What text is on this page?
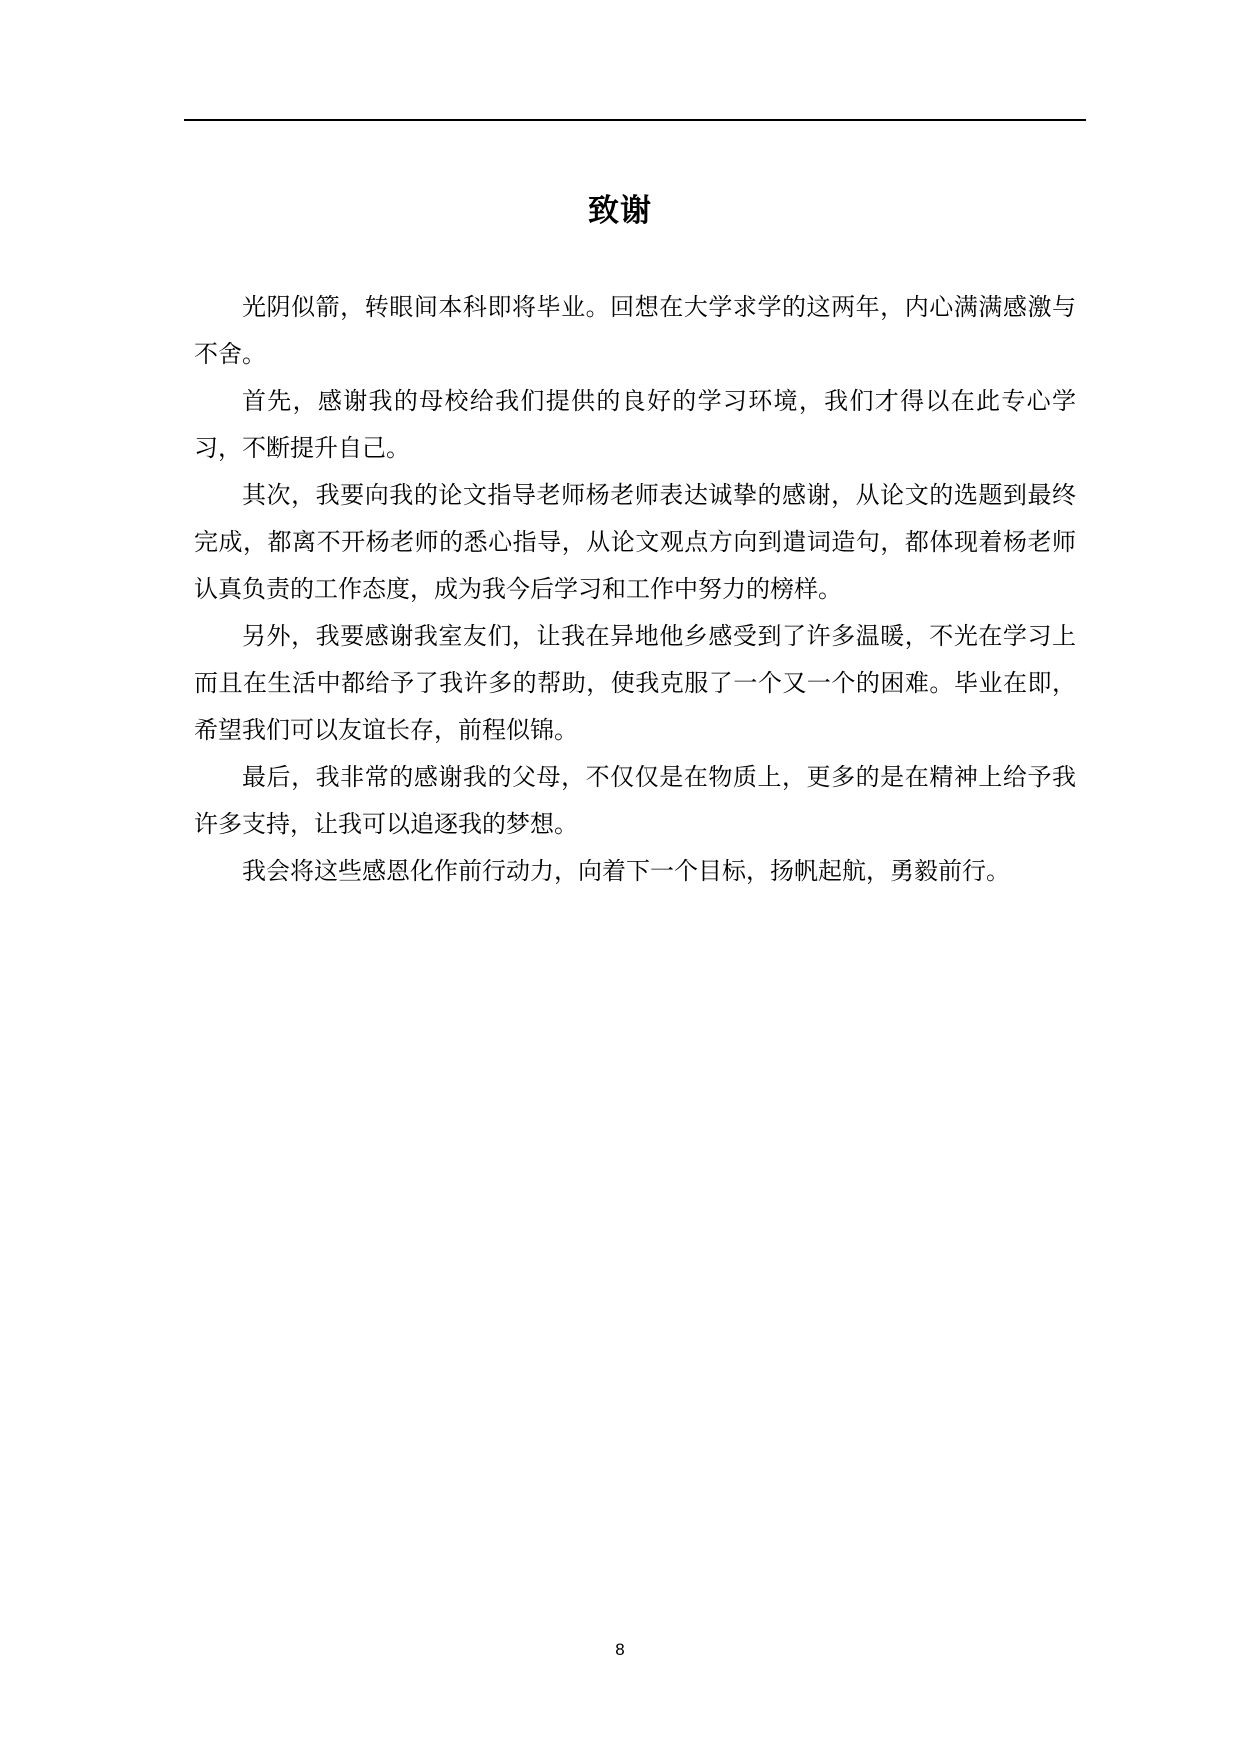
致谢

光阴似箭，转眼间本科即将毕业。回想在大学求学的这两年，内心满满感激与不舍。

首先，感谢我的母校给我们提供的良好的学习环境，我们才得以在此专心学习，不断提升自己。

其次，我要向我的论文指导老师杨老师表达诚挚的感谢，从论文的选题到最终完成，都离不开杨老师的悉心指导，从论文观点方向到遣词造句，都体现着杨老师认真负责的工作态度，成为我今后学习和工作中努力的榜样。

另外，我要感谢我室友们，让我在异地他乡感受到了许多温暖，不光在学习上而且在生活中都给予了我许多的帮助，使我克服了一个又一个的困难。毕业在即，希望我们可以友谊长存，前程似锦。

最后，我非常的感谢我的父母，不仅仅是在物质上，更多的是在精神上给予我许多支持，让我可以追逐我的梦想。

我会将这些感恩化作前行动力，向着下一个目标，扬帆起航，勇毅前行。

8
